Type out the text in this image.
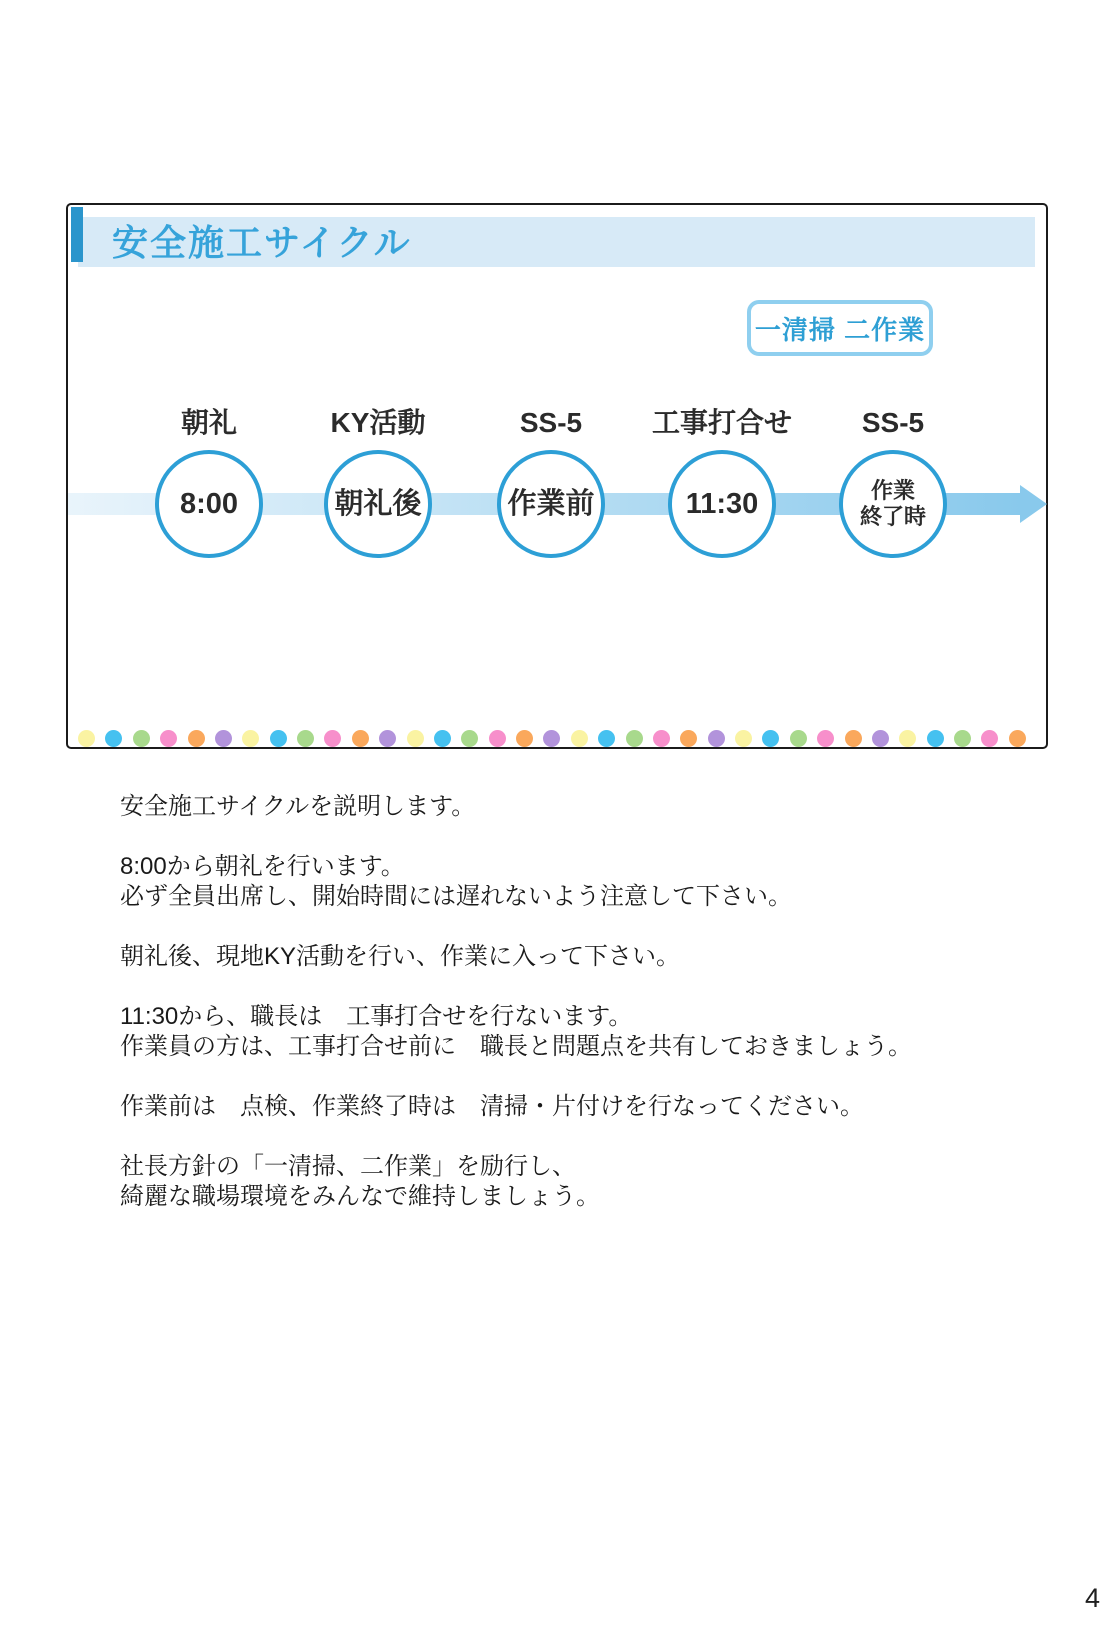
安全施工サイクル
一清掃 二作業
朝礼
8:00
KY活動
朝礼後
SS-5
作業前
工事打合せ
11:30
SS-5
作業
終了時
安全施工サイクルを説明します。
8:00から朝礼を行います。
必ず全員出席し、開始時間には遅れないよう注意して下さい。
朝礼後、現地KY活動を行い、作業に入って下さい。
11:30から、職長は　工事打合せを行ないます。
作業員の方は、工事打合せ前に　職長と問題点を共有しておきましょう。
作業前は　点検、作業終了時は　清掃・片付けを行なってください。
社長方針の「一清掃、二作業」を励行し、
綺麗な職場環境をみんなで維持しましょう。
4
